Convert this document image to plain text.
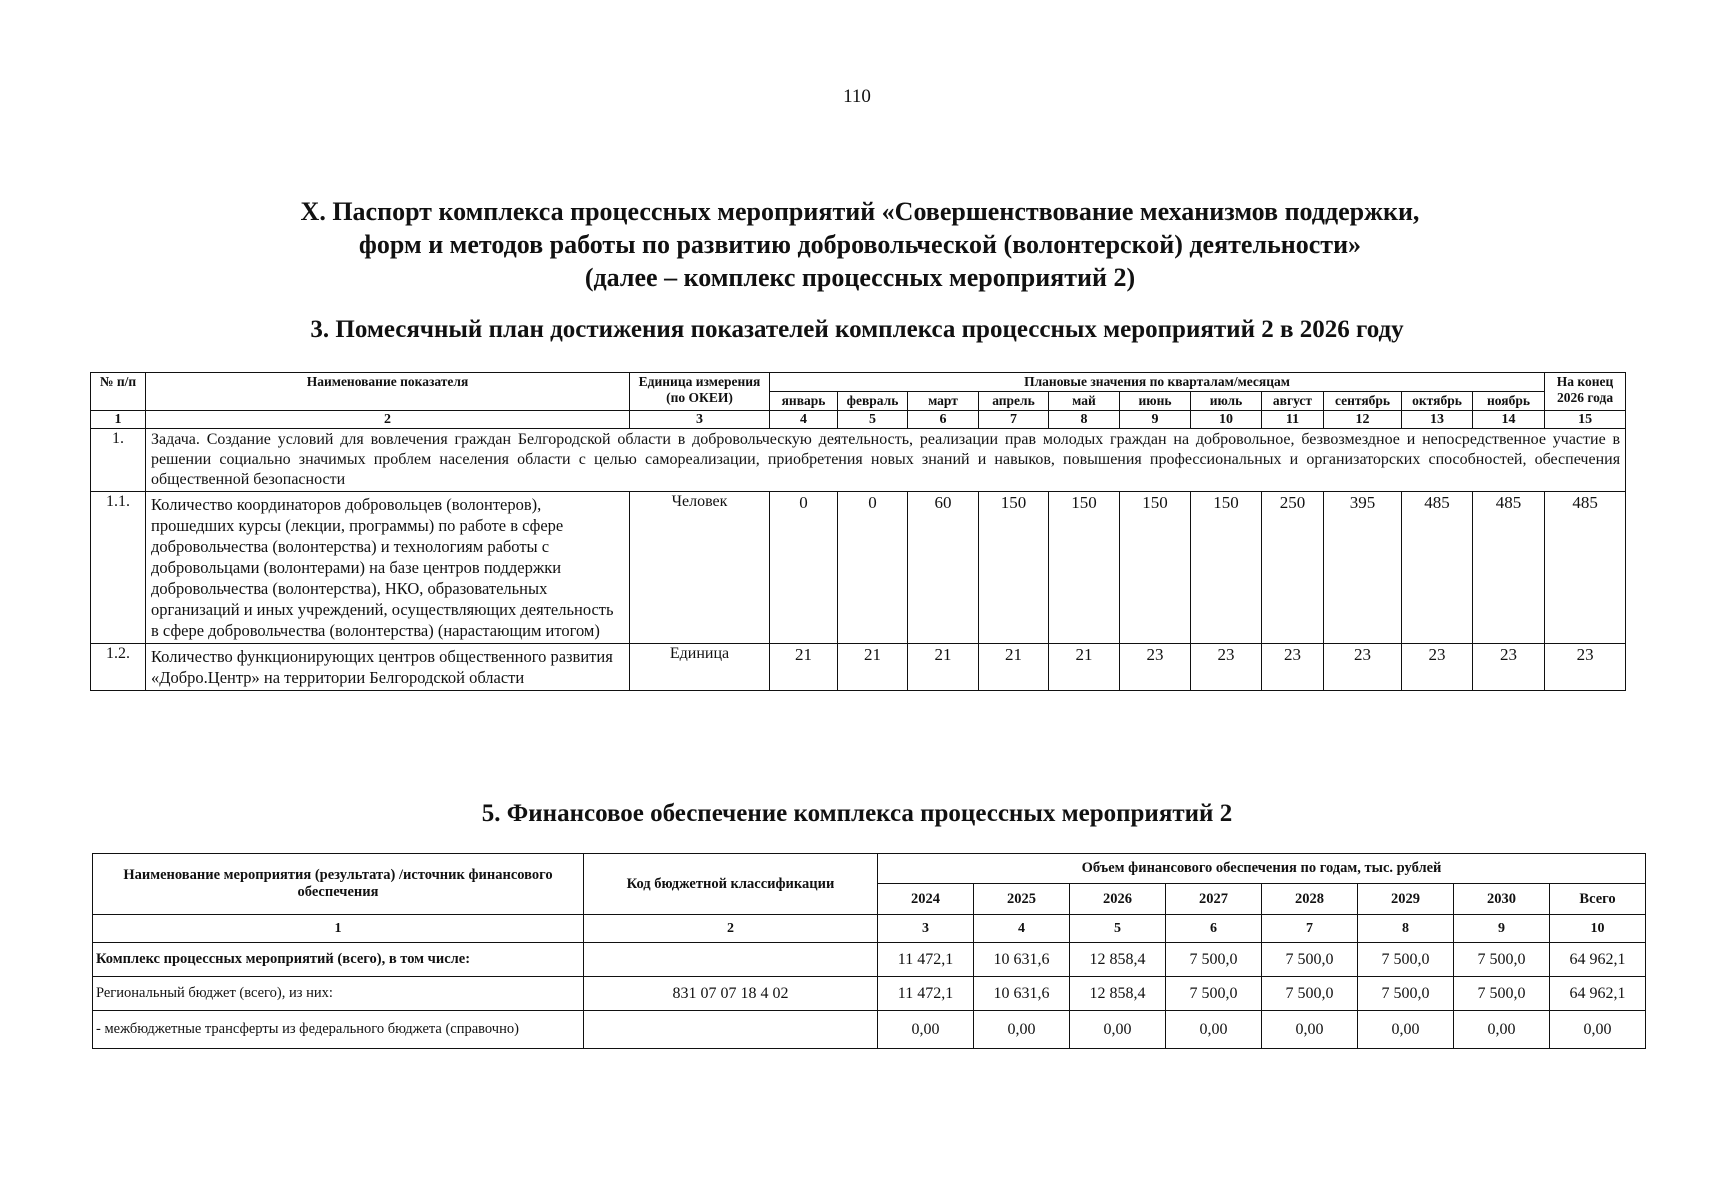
110
X. Паспорт комплекса процессных мероприятий «Совершенствование механизмов поддержки,
форм и методов работы по развитию добровольческой (волонтерской) деятельности»
(далее – комплекс процессных мероприятий 2)
3. Помесячный план достижения показателей комплекса процессных мероприятий 2 в 2026 году
№ п/п	Наименование показателя	Единица измерения (по ОКЕИ)	Плановые значения по кварталам/месяцам											На конец 2026 года
			январь	февраль	март	апрель	май	июнь	июль	август	сентябрь	октябрь	ноябрь	
1	2	3	4	5	6	7	8	9	10	11	12	13	14	15
1.	Задача. Создание условий для вовлечения граждан Белгородской области в добровольческую деятельность, реализации прав молодых граждан на добровольное, безвозмездное и непосредственное участие в решении социально значимых проблем населения области с целью самореализации, приобретения новых знаний и навыков, повышения профессиональных и организаторских способностей, обеспечения общественной безопасности													
1.1.	Количество координаторов добровольцев (волонтеров), прошедших курсы (лекции, программы) по работе в сфере добровольчества (волонтерства) и технологиям работы с добровольцами (волонтерами) на базе центров поддержки добровольчества (волонтерства), НКО, образовательных организаций и иных учреждений, осуществляющих деятельность в сфере добровольчества (волонтерства) (нарастающим итогом)	Человек	0	0	60	150	150	150	150	250	395	485	485	485
1.2.	Количество функционирующих центров общественного развития «Добро.Центр» на территории Белгородской области	Единица	21	21	21	21	21	23	23	23	23	23	23	23
5. Финансовое обеспечение комплекса процессных мероприятий 2
Наименование мероприятия (результата) /источник финансового обеспечения	Код бюджетной классификации	Объем финансового обеспечения по годам, тыс. рублей							
		2024	2025	2026	2027	2028	2029	2030	Всего
1	2	3	4	5	6	7	8	9	10
Комплекс процессных мероприятий (всего), в том числе:		11 472,1	10 631,6	12 858,4	7 500,0	7 500,0	7 500,0	7 500,0	64 962,1
Региональный бюджет (всего), из них:	831 07 07 18 4 02	11 472,1	10 631,6	12 858,4	7 500,0	7 500,0	7 500,0	7 500,0	64 962,1
- межбюджетные трансферты из федерального бюджета (справочно)		0,00	0,00	0,00	0,00	0,00	0,00	0,00	0,00
